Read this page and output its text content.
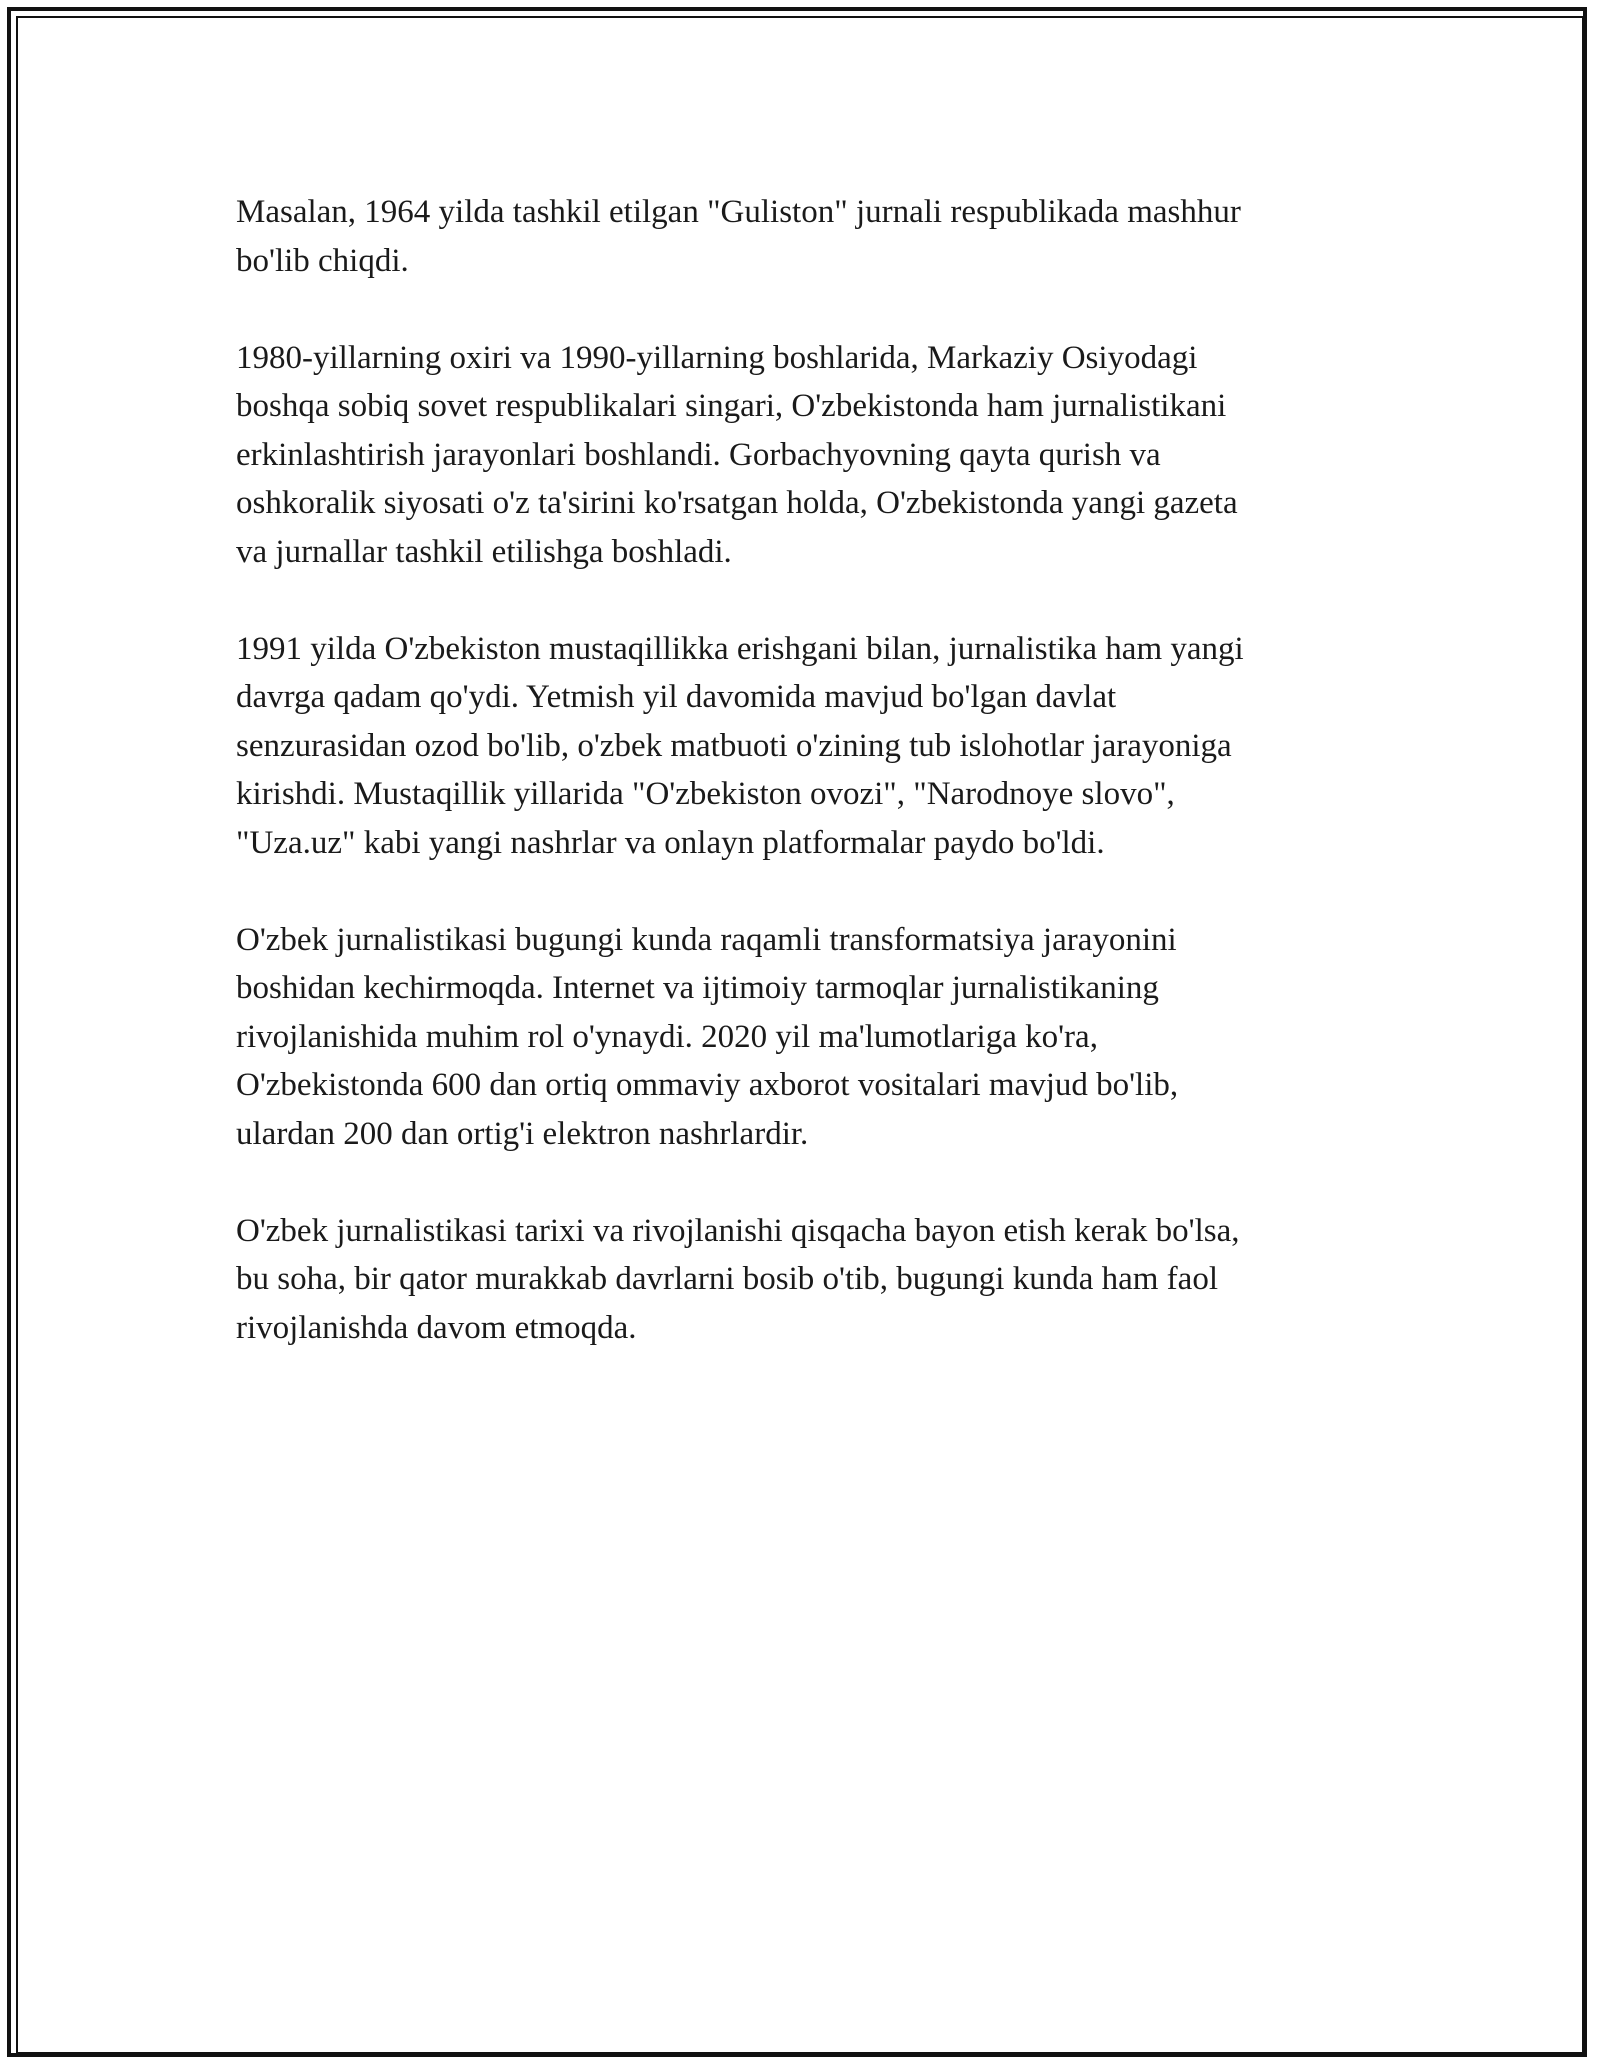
Masalan, 1964 yilda tashkil etilgan "Guliston" jurnali respublikada mashhur
bo'lib chiqdi.

1980-yillarning oxiri va 1990-yillarning boshlarida, Markaziy Osiyodagi
boshqa sobiq sovet respublikalari singari, O'zbekistonda ham jurnalistikani
erkinlashtirish jarayonlari boshlandi. Gorbachyovning qayta qurish va
oshkoralik siyosati o'z ta'sirini ko'rsatgan holda, O'zbekistonda yangi gazeta
va jurnallar tashkil etilishga boshladi.

1991 yilda O'zbekiston mustaqillikka erishgani bilan, jurnalistika ham yangi
davrga qadam qo'ydi. Yetmish yil davomida mavjud bo'lgan davlat
senzurasidan ozod bo'lib, o'zbek matbuoti o'zining tub islohotlar jarayoniga
kirishdi. Mustaqillik yillarida "O'zbekiston ovozi", "Narodnoye slovo",
"Uza.uz" kabi yangi nashrlar va onlayn platformalar paydo bo'ldi.

O'zbek jurnalistikasi bugungi kunda raqamli transformatsiya jarayonini
boshidan kechirmoqda. Internet va ijtimoiy tarmoqlar jurnalistikaning
rivojlanishida muhim rol o'ynaydi. 2020 yil ma'lumotlariga ko'ra,
O'zbekistonda 600 dan ortiq ommaviy axborot vositalari mavjud bo'lib,
ulardan 200 dan ortig'i elektron nashrlardir.

O'zbek jurnalistikasi tarixi va rivojlanishi qisqacha bayon etish kerak bo'lsa,
bu soha, bir qator murakkab davrlarni bosib o'tib, bugungi kunda ham faol
rivojlanishda davom etmoqda.
